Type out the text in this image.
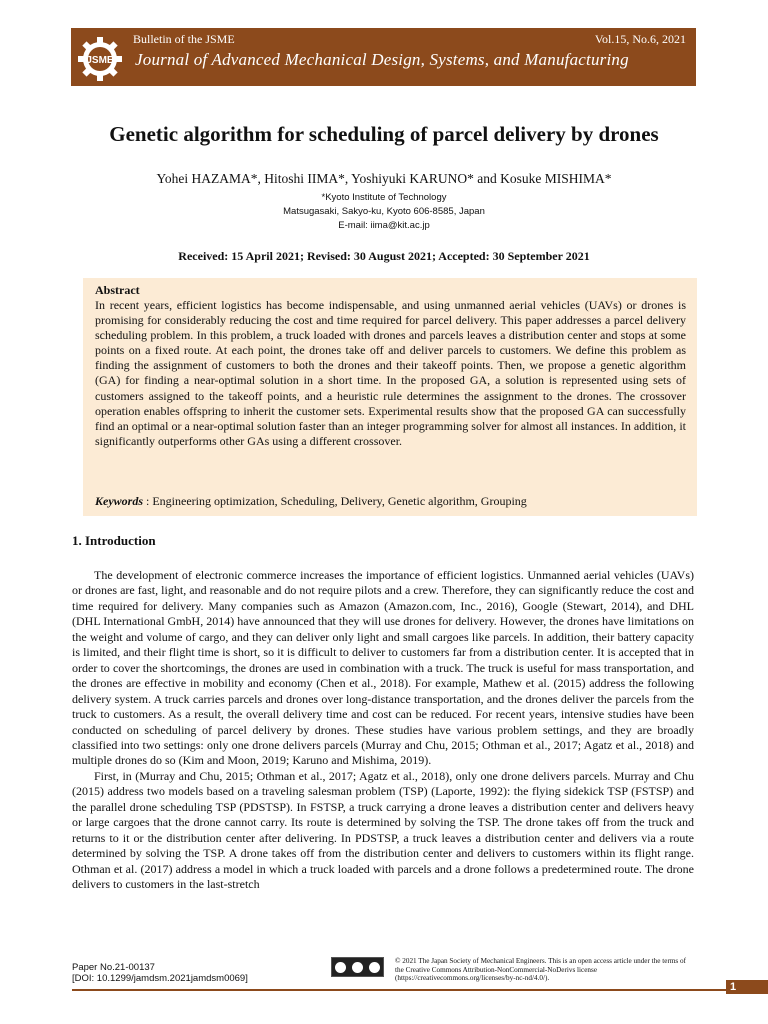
JSME
Bulletin of the JSME	Vol.15, No.6, 2021
Journal of Advanced Mechanical Design, Systems, and Manufacturing
Genetic algorithm for scheduling of parcel delivery by drones
Yohei HAZAMA*, Hitoshi IIMA*, Yoshiyuki KARUNO* and Kosuke MISHIMA*
*Kyoto Institute of Technology
Matsugasaki, Sakyo-ku, Kyoto 606-8585, Japan
E-mail: iima@kit.ac.jp
Received: 15 April 2021; Revised: 30 August 2021; Accepted: 30 September 2021
Abstract
In recent years, efficient logistics has become indispensable, and using unmanned aerial vehicles (UAVs) or drones is promising for considerably reducing the cost and time required for parcel delivery. This paper addresses a parcel delivery scheduling problem. In this problem, a truck loaded with drones and parcels leaves a distribution center and stops at some points on a fixed route. At each point, the drones take off and deliver parcels to customers. We define this problem as finding the assignment of customers to both the drones and their takeoff points. Then, we propose a genetic algorithm (GA) for finding a near-optimal solution in a short time. In the proposed GA, a solution is represented using sets of customers assigned to the takeoff points, and a heuristic rule determines the assignment to the drones. The crossover operation enables offspring to inherit the customer sets. Experimental results show that the proposed GA can successfully find an optimal or a near-optimal solution faster than an integer programming solver for almost all instances. In addition, it significantly outperforms other GAs using a different crossover.
Keywords : Engineering optimization, Scheduling, Delivery, Genetic algorithm, Grouping
1. Introduction

The development of electronic commerce increases the importance of efficient logistics. Unmanned aerial vehicles (UAVs) or drones are fast, light, and reasonable and do not require pilots and a crew. Therefore, they can significantly reduce the cost and time required for delivery. Many companies such as Amazon (Amazon.com, Inc., 2016), Google (Stewart, 2014), and DHL (DHL International GmbH, 2014) have announced that they will use drones for delivery. However, the drones have limitations on the weight and volume of cargo, and they can deliver only light and small cargoes like parcels. In addition, their battery capacity is limited, and their flight time is short, so it is difficult to deliver to customers far from a distribution center. It is accepted that in order to cover the shortcomings, the drones are used in combination with a truck. The truck is useful for mass transportation, and the drones are effective in mobility and economy (Chen et al., 2018). For example, Mathew et al. (2015) address the following delivery system. A truck carries parcels and drones over long-distance transportation, and the drones deliver the parcels from the truck to customers. As a result, the overall delivery time and cost can be reduced. For recent years, intensive studies have been conducted on scheduling of parcel delivery by drones. These studies have various problem settings, and they are broadly classified into two settings: only one drone delivers parcels (Murray and Chu, 2015; Othman et al., 2017; Agatz et al., 2018) and multiple drones do so (Kim and Moon, 2019; Karuno and Mishima, 2019).

First, in (Murray and Chu, 2015; Othman et al., 2017; Agatz et al., 2018), only one drone delivers parcels. Murray and Chu (2015) address two models based on a traveling salesman problem (TSP) (Laporte, 1992): the flying sidekick TSP (FSTSP) and the parallel drone scheduling TSP (PDSTSP). In FSTSP, a truck carrying a drone leaves a distribution center and delivers heavy or large cargoes that the drone cannot carry. Its route is determined by solving the TSP. The drone takes off from the truck and returns to it or the distribution center after delivering. In PDSTSP, a truck leaves a distribution center and delivers via a route determined by solving the TSP. A drone takes off from the distribution center and delivers to customers within its flight range. Othman et al. (2017) address a model in which a truck loaded with parcels and a drone follows a predetermined route. The drone delivers to customers in the last-stretch

Paper No.21-00137
[DOI: 10.1299/jamdsm.2021jamdsm0069]
© 2021 The Japan Society of Mechanical Engineers. This is an open access article under the terms of the Creative Commons Attribution-NonCommercial-NoDerivs license (https://creativecommons.org/licenses/by-nc-nd/4.0/).
1
